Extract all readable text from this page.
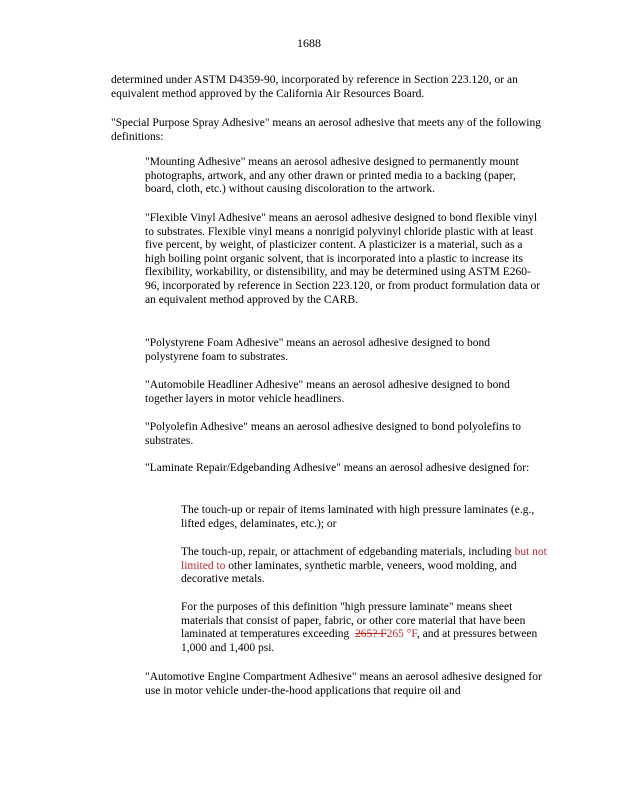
1688
determined under ASTM D4359-90, incorporated by reference in Section 223.120, or an equivalent method approved by the California Air Resources Board.
"Special Purpose Spray Adhesive" means an aerosol adhesive that meets any of the following definitions:
"Mounting Adhesive" means an aerosol adhesive designed to permanently mount photographs, artwork, and any other drawn or printed media to a backing (paper, board, cloth, etc.) without causing discoloration to the artwork.
"Flexible Vinyl Adhesive" means an aerosol adhesive designed to bond flexible vinyl to substrates. Flexible vinyl means a nonrigid polyvinyl chloride plastic with at least five percent, by weight, of plasticizer content. A plasticizer is a material, such as a high boiling point organic solvent, that is incorporated into a plastic to increase its flexibility, workability, or distensibility, and may be determined using ASTM E260-96, incorporated by reference in Section 223.120, or from product formulation data or an equivalent method approved by the CARB.
"Polystyrene Foam Adhesive" means an aerosol adhesive designed to bond polystyrene foam to substrates.
"Automobile Headliner Adhesive" means an aerosol adhesive designed to bond together layers in motor vehicle headliners.
"Polyolefin Adhesive" means an aerosol adhesive designed to bond polyolefins to substrates.
"Laminate Repair/Edgebanding Adhesive" means an aerosol adhesive designed for:
The touch-up or repair of items laminated with high pressure laminates (e.g., lifted edges, delaminates, etc.); or
The touch-up, repair, or attachment of edgebanding materials, including but not limited to other laminates, synthetic marble, veneers, wood molding, and decorative metals.
For the purposes of this definition "high pressure laminate" means sheet materials that consist of paper, fabric, or other core material that have been laminated at temperatures exceeding 265? F265 °F, and at pressures between 1,000 and 1,400 psi.
"Automotive Engine Compartment Adhesive" means an aerosol adhesive designed for use in motor vehicle under-the-hood applications that require oil and
